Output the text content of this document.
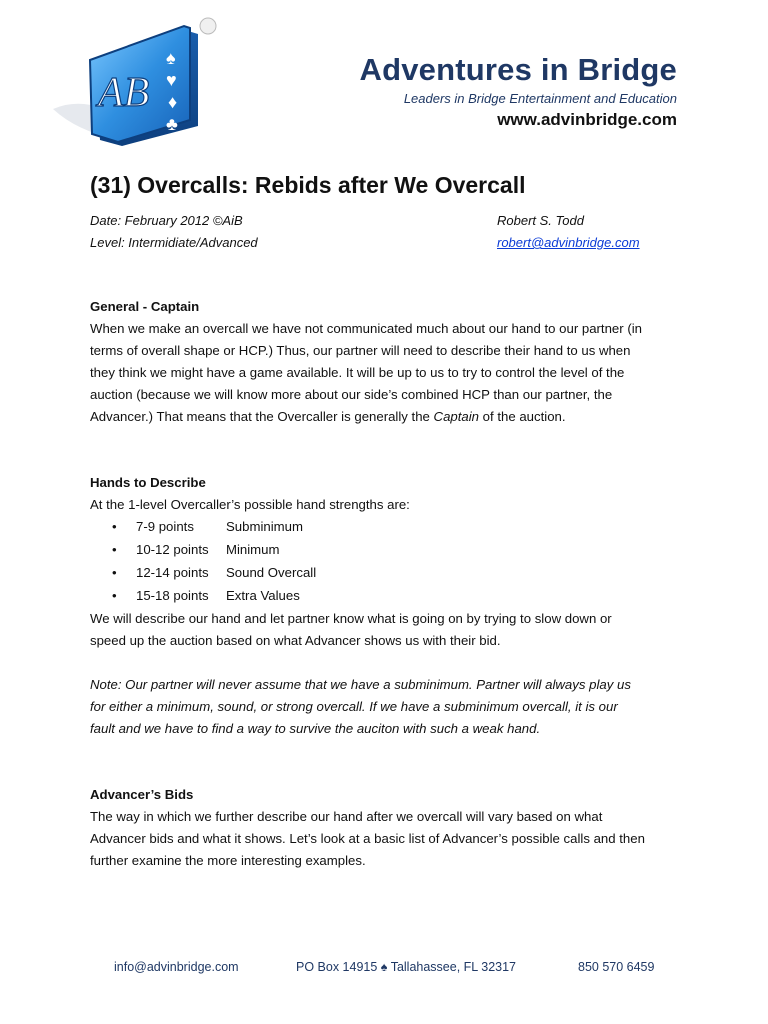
AB
♠
♥
♦
♣
Adventures in Bridge
Leaders in Bridge Entertainment and Education
www.advinbridge.com
(31) Overcalls: Rebids after We Overcall
Date: February 2012 ©AiB
Level: Intermidiate/Advanced
Robert S. Todd
robert@advinbridge.com

General - Captain

When we make an overcall we have not communicated much about our hand to our partner (in

terms of overall shape or HCP.) Thus, our partner will need to describe their hand to us when

they think we might have a game available. It will be up to us to try to control the level of the

auction (because we will know more about our side’s combined HCP than our partner, the

Advancer.) That means that the Overcaller is generally the Captain of the auction.

Hands to Describe

At the 1-level Overcaller’s possible hand strengths are:

• 7-9 points Subminimum
• 10-12 points Minimum
• 12-14 points Sound Overcall
• 15-18 points Extra Values

We will describe our hand and let partner know what is going on by trying to slow down or

speed up the auction based on what Advancer shows us with their bid.

Note: Our partner will never assume that we have a subminimum. Partner will always play us

for either a minimum, sound, or strong overcall. If we have a subminimum overcall, it is our

fault and we have to find a way to survive the auciton with such a weak hand.

Advancer’s Bids

The way in which we further describe our hand after we overcall will vary based on what

Advancer bids and what it shows. Let’s look at a basic list of Advancer’s possible calls and then

further examine the more interesting examples.

info@advinbridge.com	PO Box 14915 ♠ Tallahassee, FL 32317	850 570 6459
